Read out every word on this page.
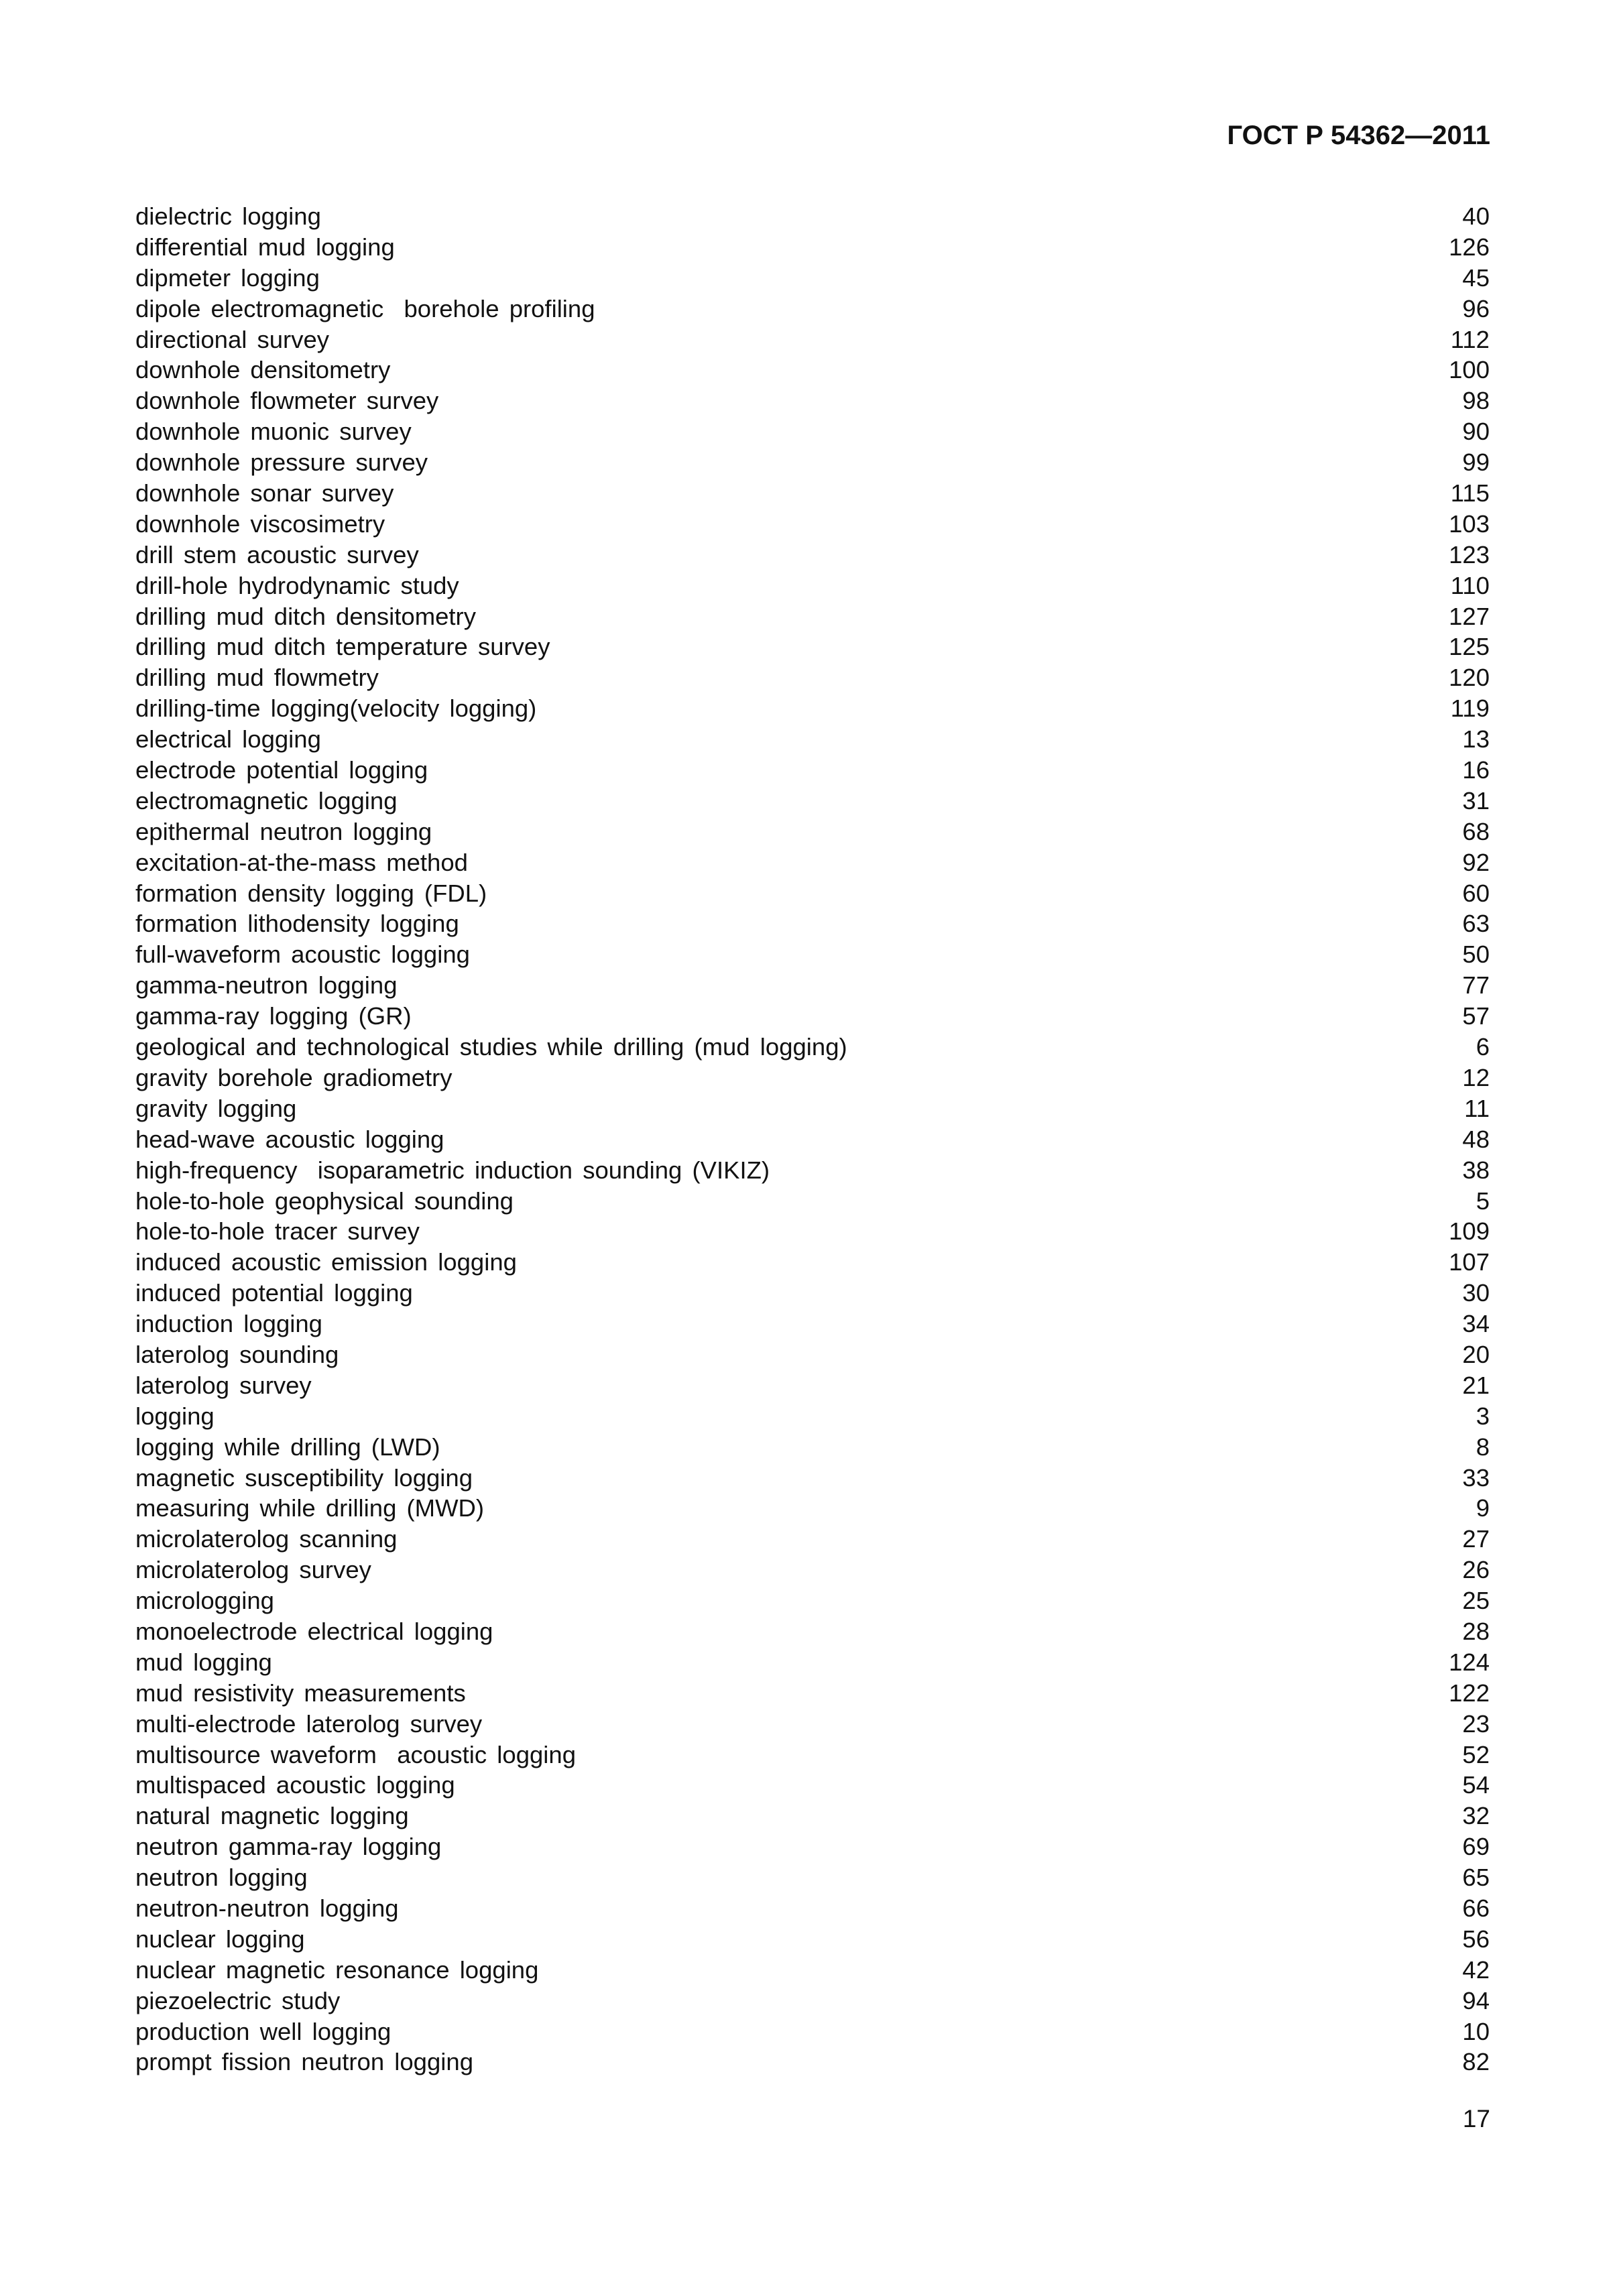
ГОСТ Р 54362—2011
dielectric logging	40
differential mud logging	126
dipmeter logging	45
dipole electromagnetic  borehole profiling	96
directional survey	112
downhole densitometry	100
downhole flowmeter survey	98
downhole muonic survey	90
downhole pressure survey	99
downhole sonar survey	115
downhole viscosimetry	103
drill stem acoustic survey	123
drill-hole hydrodynamic study	110
drilling mud ditch densitometry	127
drilling mud ditch temperature survey	125
drilling mud flowmetry	120
drilling-time logging(velocity logging)	119
electrical logging	13
electrode potential logging	16
electromagnetic logging	31
epithermal neutron logging	68
excitation-at-the-mass method	92
formation density logging (FDL)	60
formation lithodensity logging	63
full-waveform acoustic logging	50
gamma-neutron logging	77
gamma-ray logging (GR)	57
geological and technological studies while drilling (mud logging)	6
gravity borehole gradiometry	12
gravity logging	11
head-wave acoustic logging	48
high-frequency  isoparametric induction sounding (VIKIZ)	38
hole-to-hole geophysical sounding	5
hole-to-hole tracer survey	109
induced acoustic emission logging	107
induced potential logging	30
induction logging	34
laterolog sounding	20
laterolog survey	21
logging	3
logging while drilling (LWD)	8
magnetic susceptibility logging	33
measuring while drilling (MWD)	9
microlaterolog scanning	27
microlaterolog survey	26
micrologging	25
monoelectrode electrical logging	28
mud logging	124
mud resistivity measurements	122
multi-electrode laterolog survey	23
multisource waveform  acoustic logging	52
multispaced acoustic logging	54
natural magnetic logging	32
neutron gamma-ray logging	69
neutron logging	65
neutron-neutron logging	66
nuclear logging	56
nuclear magnetic resonance logging	42
piezoelectric study	94
production well logging	10
prompt fission neutron logging	82
17
